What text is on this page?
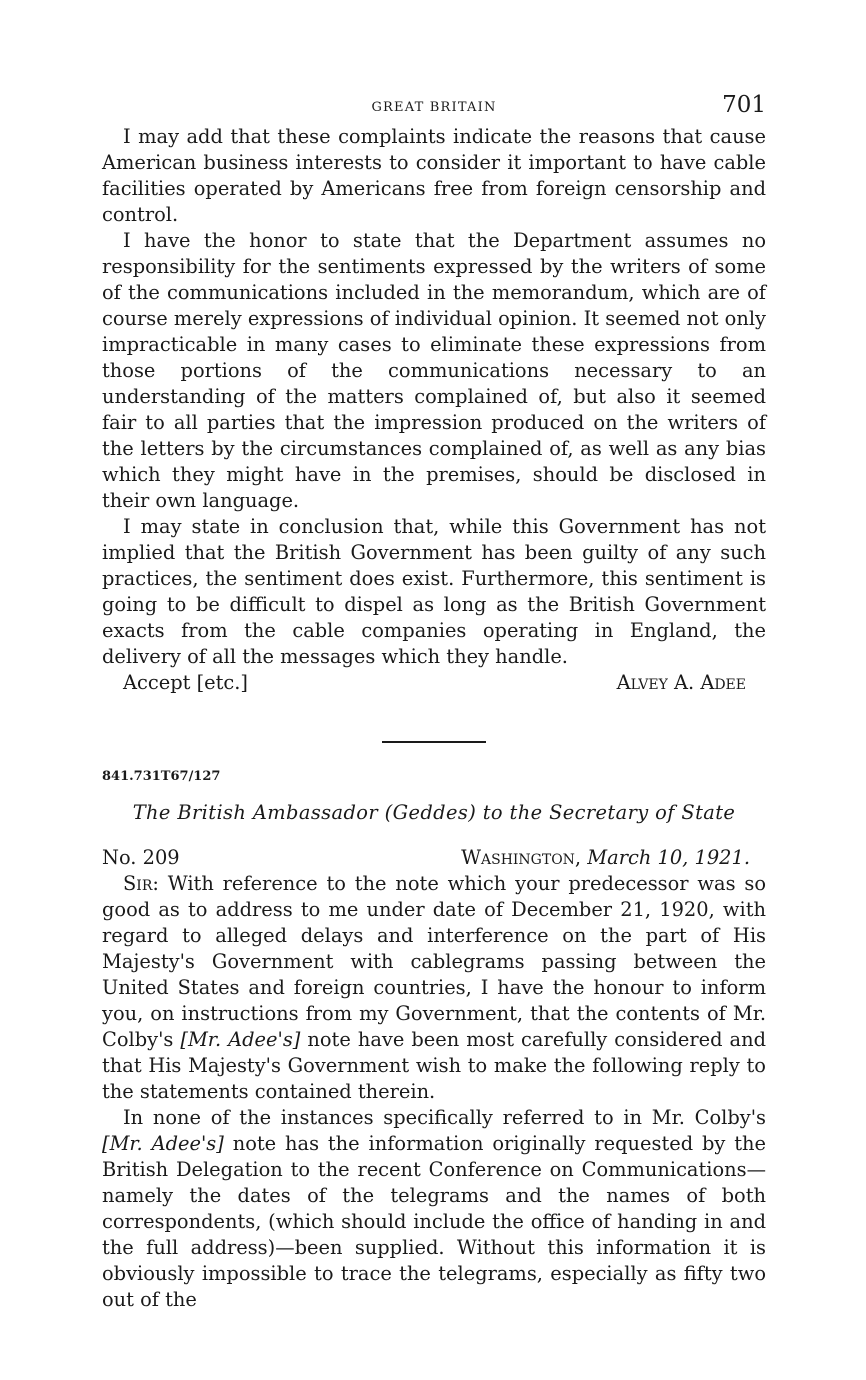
GREAT BRITAIN	701

I may add that these complaints indicate the reasons that cause American business interests to consider it important to have cable facilities operated by Americans free from foreign censorship and control.

I have the honor to state that the Department assumes no responsibility for the sentiments expressed by the writers of some of the communications included in the memorandum, which are of course merely expressions of individual opinion. It seemed not only impracticable in many cases to eliminate these expressions from those portions of the communications necessary to an understanding of the matters complained of, but also it seemed fair to all parties that the impression produced on the writers of the letters by the circumstances complained of, as well as any bias which they might have in the premises, should be disclosed in their own language.

I may state in conclusion that, while this Government has not implied that the British Government has been guilty of any such practices, the sentiment does exist. Furthermore, this sentiment is going to be difficult to dispel as long as the British Government exacts from the cable companies operating in England, the delivery of all the messages which they handle.

Accept [etc.]	Alvey A. Adee
841.731T67/127
The British Ambassador (Geddes) to the Secretary of State
No. 209	Washington, March 10, 1921.

Sir: With reference to the note which your predecessor was so good as to address to me under date of December 21, 1920, with regard to alleged delays and interference on the part of His Majesty's Government with cablegrams passing between the United States and foreign countries, I have the honour to inform you, on instructions from my Government, that the contents of Mr. Colby's [Mr. Adee's] note have been most carefully considered and that His Majesty's Government wish to make the following reply to the statements contained therein.

In none of the instances specifically referred to in Mr. Colby's [Mr. Adee's] note has the information originally requested by the British Delegation to the recent Conference on Communications—namely the dates of the telegrams and the names of both correspondents, (which should include the office of handing in and the full address)—been supplied. Without this information it is obviously impossible to trace the telegrams, especially as fifty two out of the
